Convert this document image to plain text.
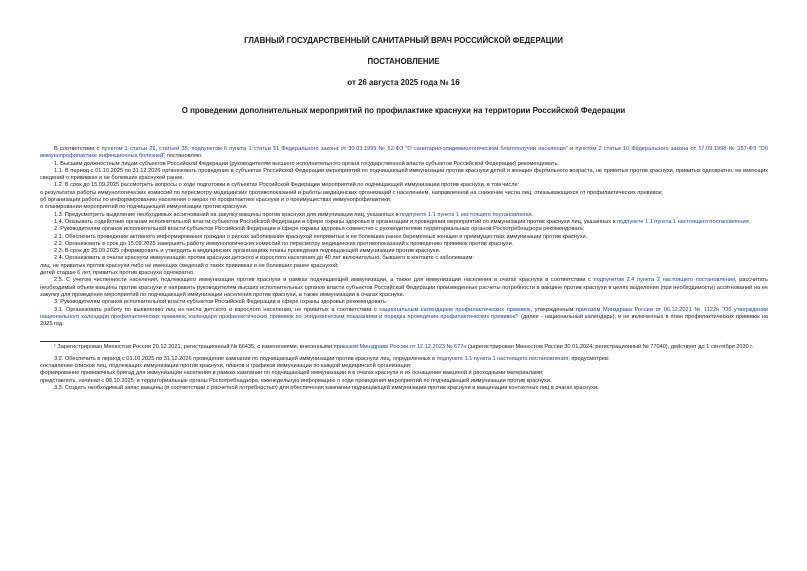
ГЛАВНЫЙ ГОСУДАРСТВЕННЫЙ САНИТАРНЫЙ ВРАЧ РОССИЙСКОЙ ФЕДЕРАЦИИ
ПОСТАНОВЛЕНИЕ
от 26 августа 2025 года № 16
О проведении дополнительных мероприятий по профилактике краснухи на территории Российской Федерации

В соответствии с пунктом 1 статьи 29, статьей 35, подпунктом 6 пункта 1 статьи 51 Федерального закона от 30.03.1999 № 52-ФЗ "О санитарно-эпидемиологическом благополучии населения" и пунктом 2 статьи 10 Федерального закона от 17.09.1998 № 157-ФЗ "Об иммунопрофилактике инфекционных болезней" постановляю:

1. Высшим должностным лицам субъектов Российской Федерации (руководителям высшего исполнительного органа государственной власти субъектов Российской Федерации) рекомендовать:

1.1. В период с 01.10.2025 по 31.12.2026 организовать проведение в субъектах Российской Федерации мероприятий по подчищающей иммунизации против краснухи детей и женщин фертильного возраста, не привитых против краснухи, привитых однократно, не имеющих сведений о прививках и не болевших краснухой ранее.

1.2. В срок до 15.09.2025 рассмотреть вопросы о ходе подготовки в субъектах Российской Федерации мероприятий по подчищающей иммунизации против краснухи, в том числе:

о результатах работы иммунологических комиссий по пересмотру медицинских противопоказаний и работы медицинских организаций с населением, направленной на снижение числа лиц, отказывающихся от профилактических прививок;

об организации работы по информированию населения о мерах по профилактике краснухи и о преимуществах иммунопрофилактики;

о планировании мероприятий по подчищающей иммунизации против краснухи.

1.3. Предусмотреть выделение необходимых ассигнований на закупку вакцины против краснухи для иммунизации лиц, указанных в подпункте 1.1 пункта 1 настоящего постановления.

1.4. Оказывать содействие органам исполнительной власти субъектов Российской Федерации в сфере охраны здоровья в организации и проведении мероприятий по иммунизации против краснухи лиц, указанных в подпункте 1.1 пункта 1 настоящего постановления.

2. Руководителям органов исполнительной власти субъектов Российской Федерации в сфере охраны здоровья совместно с руководителями территориальных органов Роспотребнадзора рекомендовать:

2.1. Обеспечить проведение активного информирования граждан о рисках заболевания краснухой непривитых и не болевших ранее беременных женщин и преимуществах иммунизации против краснухи.

2.2. Организовать в срок до 15.09.2025 завершить работу иммунологических комиссий по пересмотру медицинских противопоказаний к проведению прививок против краснухи.

2.3. В срок до 25.09.2025 сформировать и утвердить в медицинских организациях планы проведения подчищающей иммунизации против краснухи.

2.4. Организовать в очагах краснухи иммунизацию против краснухи детского и взрослого населения до 40 лет включительно, бывшего в контакте с заболевшим:

лиц, не привитых против краснухи либо не имеющих сведений о таких прививках и не болевших ранее краснухой;

детей старше 6 лет, привитых против краснухи однократно.

2.5. С учетом численности населения, подлежащего иммунизации против краснухи в рамках подчищающей иммунизации, а также для иммунизации населения в очагах краснухи в соответствии с подпунктом 2.4 пункта 2 настоящего постановления, рассчитать необходимый объем вакцины против краснухи и направить руководителям высших исполнительных органов власти субъектов Российской Федерации произведенные расчеты потребности в вакцине против краснухи в целях выделения (при необходимости) ассигнований на ее закупку для проведения мероприятий по подчищающей иммунизации населения против краснухи, а также иммунизации в очагах краснухи.

3. Руководителям органов исполнительной власти субъектов Российской Федерации в сфере охраны здоровья рекомендовать:

3.1. Организовать работу по выявлению лиц из числа детского и взрослого населения, не привитых в соответствии с национальным календарем профилактических прививок, утвержденным приказом Минздрава России от 06.12.2021 № 1122н "Об утверждении национального календаря профилактических прививок, календаря профилактических прививок по эпидемическим показаниям и порядка проведения профилактических прививок"¹ (далее - национальный календарь), и не включенных в план профилактических прививок на 2025 год.

¹ Зарегистрирован Минюстом России 20.12.2021, регистрационный № 66435, с изменениями, внесенными приказом Минздрава России от 12.12.2023 № 677н (зарегистрирован Минюстом России 30.01.2024, регистрационный № 77040), действует до 1 сентября 2030 г.

3.2. Обеспечить в период с 01.10.2025 по 31.12.2026 проведение кампании по подчищающей иммунизации против краснухи лиц, определенных в подпункте 1.1 пункта 1 настоящего постановления, предусмотрев:

составление списков лиц, подлежащих иммунизации против краснухи, планов и графиков иммунизации по каждой медицинской организации;

формирование прививочных бригад для иммунизации населения в рамках кампании по подчищающей иммунизации и в очагах краснухи и их оснащение вакциной и расходными материалами;

представлять, начиная с 08.10.2025, в территориальные органы Роспотребнадзора, еженедельную информацию о ходе проведения мероприятий по подчищающей иммунизации против краснухи.

3.3. Создать необходимый запас вакцины (в соответствии с расчетной потребностью) для обеспечения кампании подчищающей иммунизации против краснухи и вакцинации контактных лиц в очагах краснухи.
